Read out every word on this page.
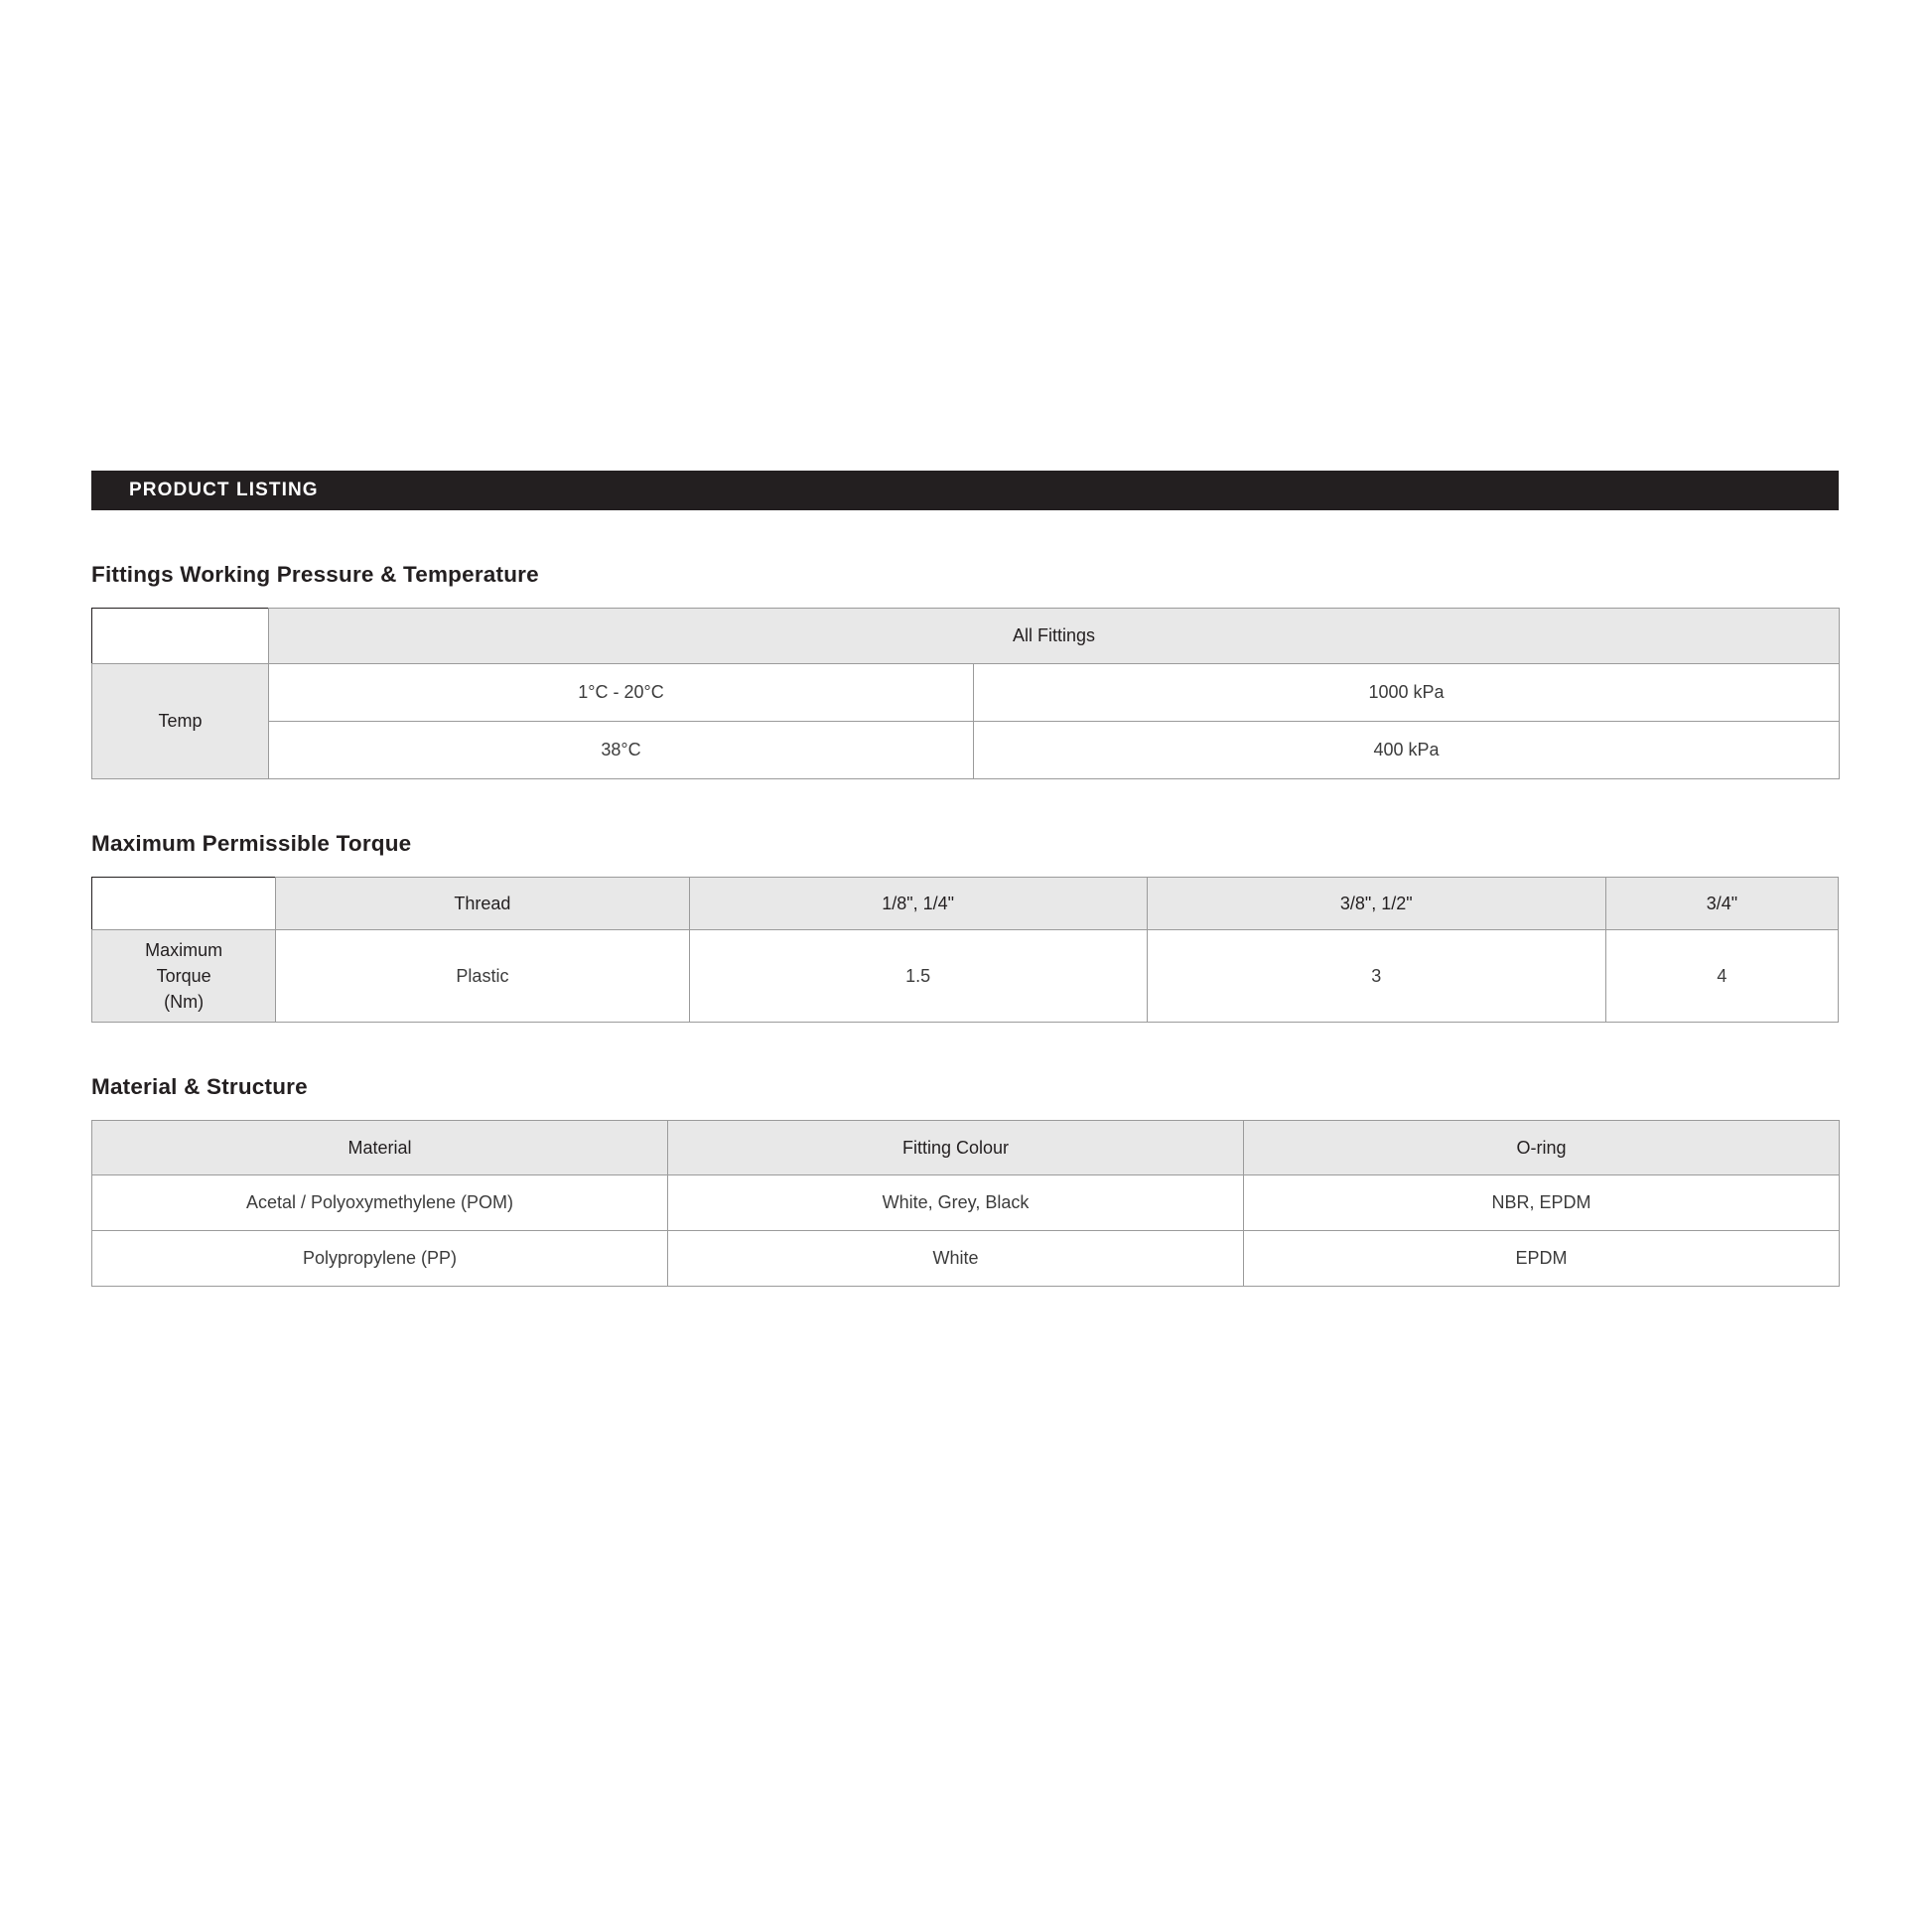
PRODUCT LISTING
Fittings Working Pressure & Temperature
	All Fittings	
Temp	1°C - 20°C	1000 kPa
	38°C	400 kPa
Maximum Permissible Torque
	Thread	1/8", 1/4"	3/8", 1/2"	3/4"

Maximum
Torque
(Nm)	Plastic	1.5	3	4
Material & Structure
Material	Fitting Colour	O-ring
Acetal / Polyoxymethylene (POM)	White, Grey, Black	NBR, EPDM
Polypropylene (PP)	White	EPDM
